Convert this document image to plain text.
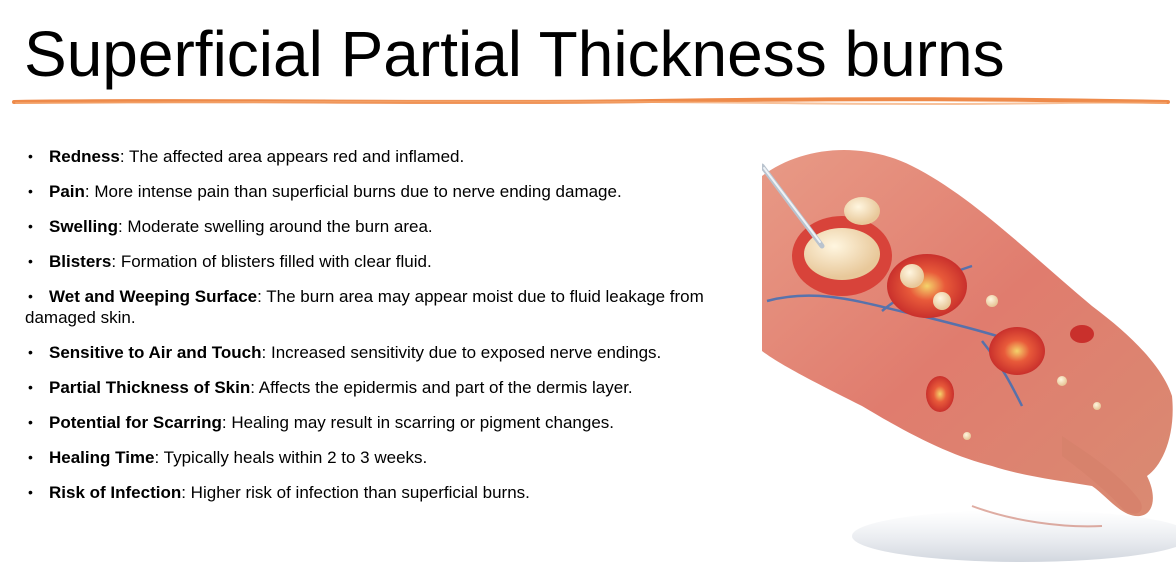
Superficial Partial Thickness burns
• Redness: The affected area appears red and inflamed.
• Pain: More intense pain than superficial burns due to nerve ending damage.
• Swelling: Moderate swelling around the burn area.
• Blisters: Formation of blisters filled with clear fluid.
• Wet and Weeping Surface: The burn area may appear moist due to fluid leakage from damaged skin.
• Sensitive to Air and Touch: Increased sensitivity due to exposed nerve endings.
• Partial Thickness of Skin: Affects the epidermis and part of the dermis layer.
• Potential for Scarring: Healing may result in scarring or pigment changes.
• Healing Time: Typically heals within 2 to 3 weeks.
• Risk of Infection: Higher risk of infection than superficial burns.
